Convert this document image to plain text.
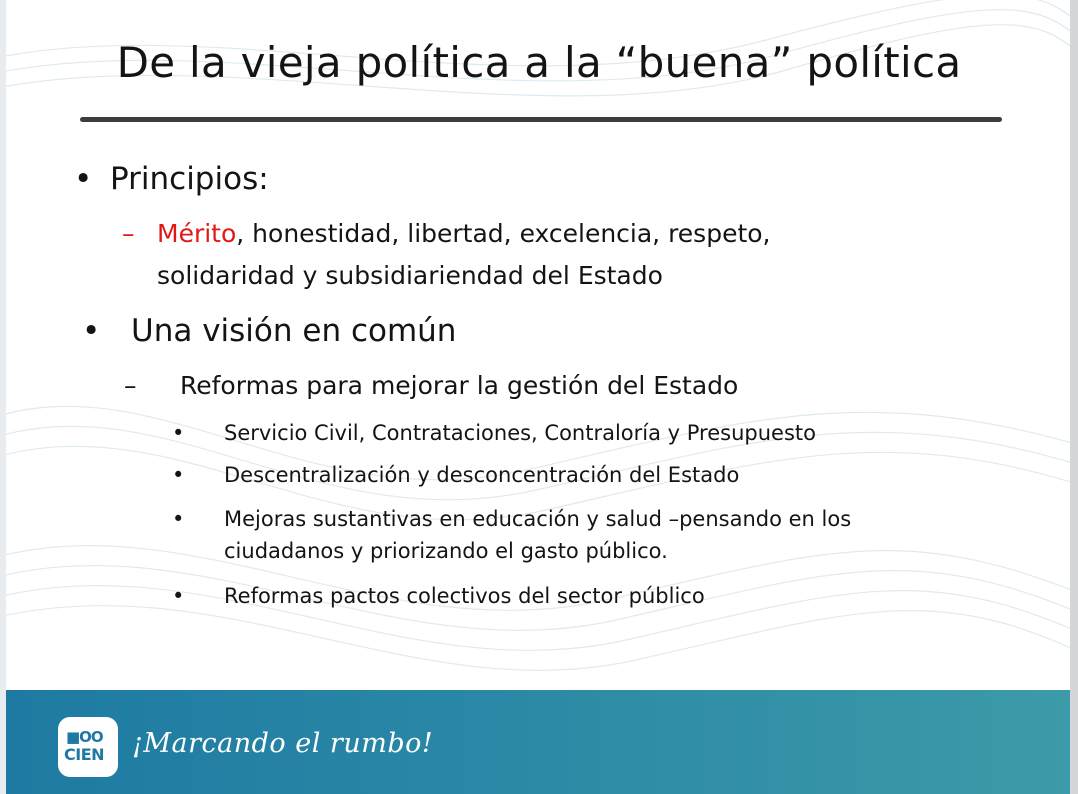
De la vieja política a la “buena” política
• Principios:
– Mérito, honestidad, libertad, excelencia, respeto,
solidaridad y subsidiariendad del Estado
• Una visión en común
– Reformas para mejorar la gestión del Estado
• Servicio Civil, Contrataciones, Contraloría y Presupuesto
• Descentralización y desconcentración del Estado
• Mejoras sustantivas en educación y salud –pensando en los
ciudadanos y priorizando el gasto público.
• Reformas pactos colectivos del sector público
■OO
CIEN ¡Marcando el rumbo!
